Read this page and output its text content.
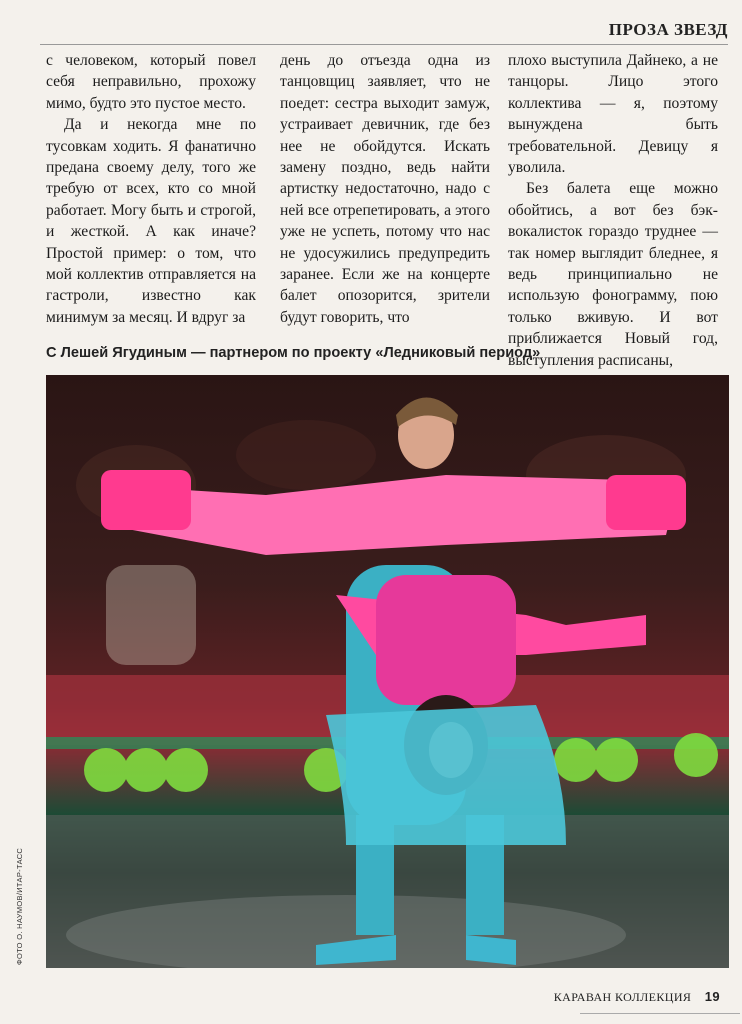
ПРОЗА ЗВЕЗД

с человеком, который повел себя неправильно, прохожу мимо, будто это пустое место.

Да и некогда мне по тусовкам ходить. Я фанатично предана своему делу, того же требую от всех, кто со мной работает. Могу быть и строгой, и жесткой. А как иначе? Простой пример: о том, что мой коллектив отправляется на гастроли, известно как минимум за месяц. И вдруг за

день до отъезда одна из танцовщиц заявляет, что не поедет: сестра выходит замуж, устраивает девичник, где без нее не обойдутся. Искать замену поздно, ведь найти артистку недостаточно, надо с ней все отрепетировать, а этого уже не успеть, потому что нас не удосужились предупредить заранее. Если же на концерте балет опозорится, зрители будут говорить, что

плохо выступила Дайнеко, а не танцоры. Лицо этого коллектива — я, поэтому вынуждена быть требовательной. Девицу я уволила.

Без балета еще можно обойтись, а вот без бэк-вокалисток гораздо труднее — так номер выглядит бледнее, я ведь принципиально не использую фонограмму, пою только вживую. И вот приближается Новый год, выступления расписаны,

С Лешей Ягудиным — партнером по проекту «Ледниковый период»
ФОТО О. НАУМОВ/ИТАР-ТАСС
КАРАВАН КОЛЛЕКЦИЯ 19
